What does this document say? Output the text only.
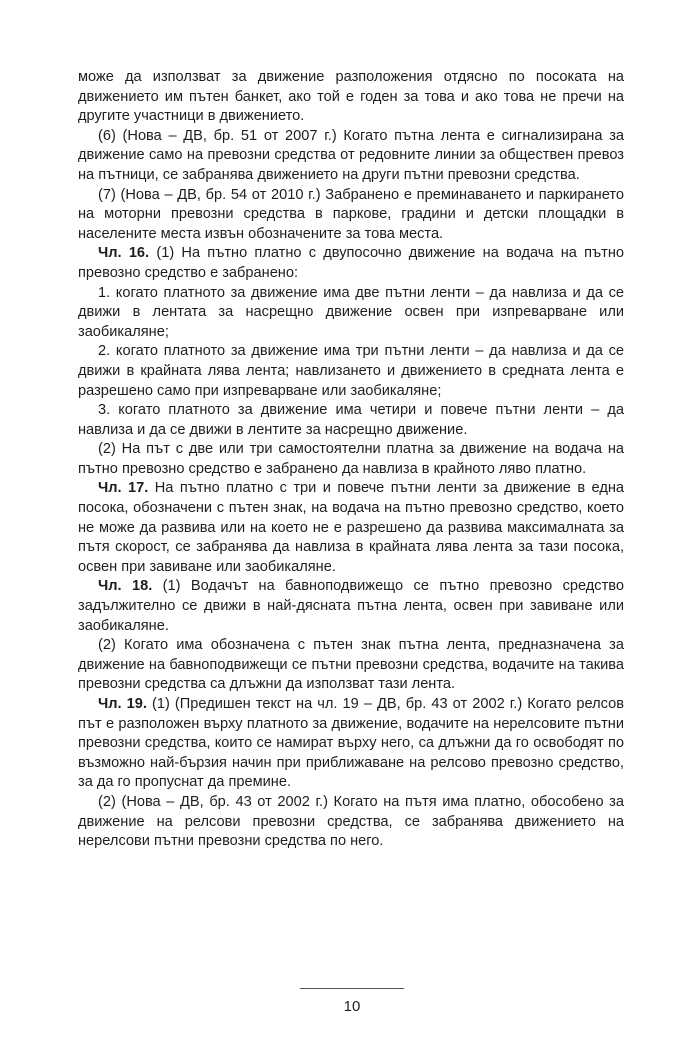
може да използват за движение разположения отдясно по посоката на движението им пътен банкет, ако той е годен за това и ако това не пречи на другите участници в движението.

(6) (Нова – ДВ, бр. 51 от 2007 г.) Когато пътна лента е сигнализирана за движение само на превозни средства от редовните линии за обществен превоз на пътници, се забранява движението на други пътни превозни средства.

(7) (Нова – ДВ, бр. 54 от 2010 г.) Забранено е преминаването и паркирането на моторни превозни средства в паркове, градини и детски площадки в населените места извън обозначените за това места.

Чл. 16. (1) На пътно платно с двупосочно движение на водача на пътно превозно средство е забранено:

1. когато платното за движение има две пътни ленти – да навлиза и да се движи в лентата за насрещно движение освен при изпреварване или заобикаляне;

2. когато платното за движение има три пътни ленти – да навлиза и да се движи в крайната лява лента; навлизането и движението в средната лента е разрешено само при изпреварване или заобикаляне;

3. когато платното за движение има четири и повече пътни ленти – да навлиза и да се движи в лентите за насрещно движение.

(2) На път с две или три самостоятелни платна за движение на водача на пътно превозно средство е забранено да навлиза в крайното ляво платно.

Чл. 17. На пътно платно с три и повече пътни ленти за движение в една посока, обозначени с пътен знак, на водача на пътно превозно средство, което не може да развива или на което не е разрешено да развива максималната за пътя скорост, се забранява да навлиза в крайната лява лента за тази посока, освен при завиване или заобикаляне.

Чл. 18. (1) Водачът на бавноподвижещо се пътно превозно средство задължително се движи в най-дясната пътна лента, освен при завиване или заобикаляне.

(2) Когато има обозначена с пътен знак пътна лента, предназначена за движение на бавноподвижещи се пътни превозни средства, водачите на такива превозни средства са длъжни да използват тази лента.

Чл. 19. (1) (Предишен текст на чл. 19 – ДВ, бр. 43 от 2002 г.) Когато релсов път е разположен върху платното за движение, водачите на нерелсовите пътни превозни средства, които се намират върху него, са длъжни да го освободят по възможно най-бързия начин при приближаване на релсово превозно средство, за да го пропуснат да премине.

(2) (Нова – ДВ, бр. 43 от 2002 г.) Когато на пътя има платно, обособено за движение на релсови превозни средства, се забранява движението на нерелсови пътни превозни средства по него.

10
